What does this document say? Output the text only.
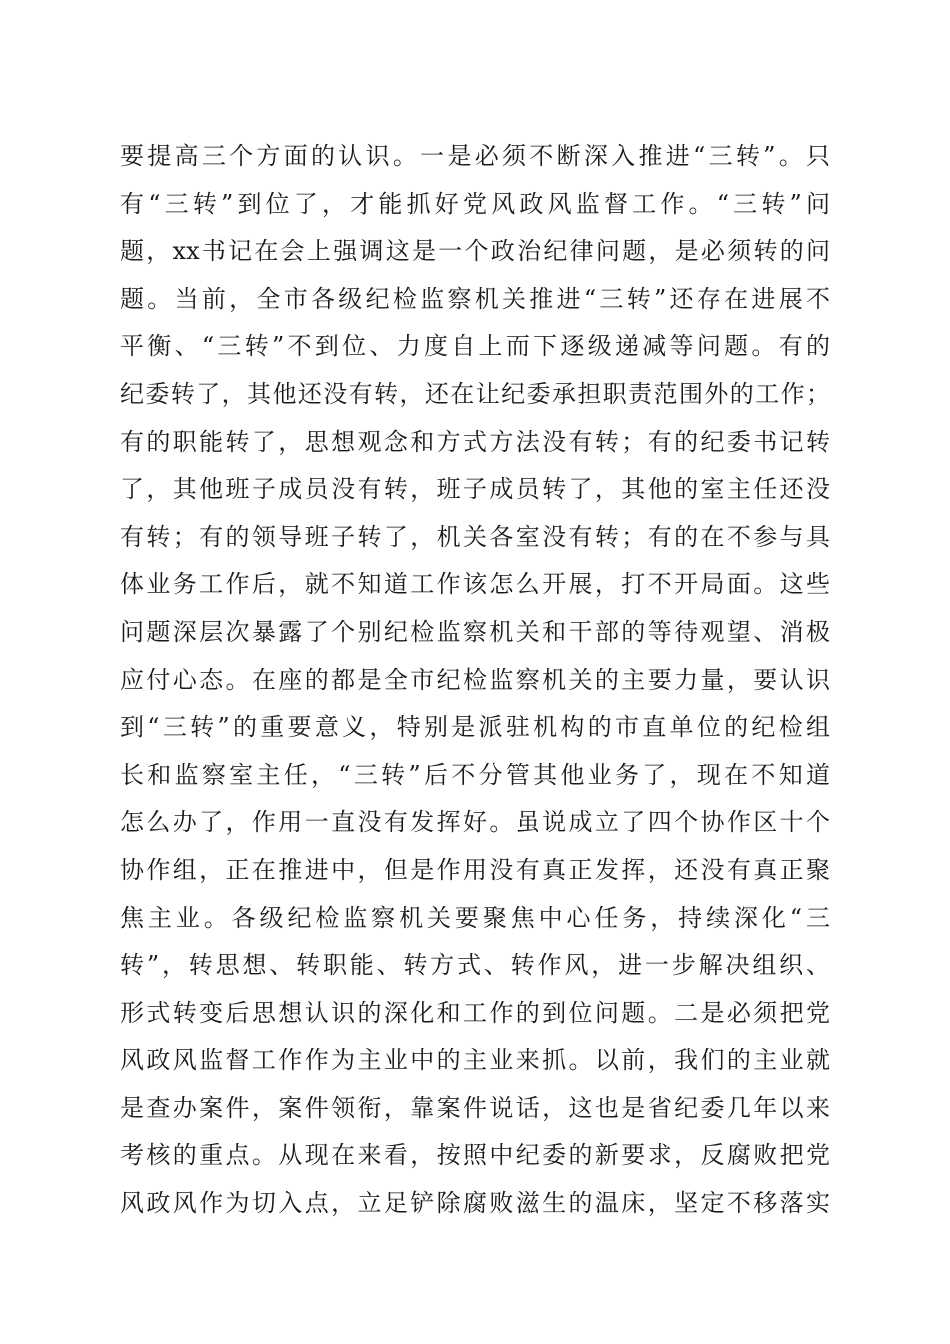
要提高三个方面的认识。一是必须不断深入推进“三转”。只
有“三转”到位了，才能抓好党风政风监督工作。“三转”问
题，xx书记在会上强调这是一个政治纪律问题，是必须转的问
题。当前，全市各级纪检监察机关推进“三转”还存在进展不
平衡、“三转”不到位、力度自上而下逐级递减等问题。有的
纪委转了，其他还没有转，还在让纪委承担职责范围外的工作；
有的职能转了，思想观念和方式方法没有转；有的纪委书记转
了，其他班子成员没有转，班子成员转了，其他的室主任还没
有转；有的领导班子转了，机关各室没有转；有的在不参与具
体业务工作后，就不知道工作该怎么开展，打不开局面。这些
问题深层次暴露了个别纪检监察机关和干部的等待观望、消极
应付心态。在座的都是全市纪检监察机关的主要力量，要认识
到“三转”的重要意义，特别是派驻机构的市直单位的纪检组
长和监察室主任，“三转”后不分管其他业务了，现在不知道
怎么办了，作用一直没有发挥好。虽说成立了四个协作区十个
协作组，正在推进中，但是作用没有真正发挥，还没有真正聚
焦主业。各级纪检监察机关要聚焦中心任务，持续深化“三
转”，转思想、转职能、转方式、转作风，进一步解决组织、
形式转变后思想认识的深化和工作的到位问题。二是必须把党
风政风监督工作作为主业中的主业来抓。以前，我们的主业就
是查办案件，案件领衔，靠案件说话，这也是省纪委几年以来
考核的重点。从现在来看，按照中纪委的新要求，反腐败把党
风政风作为切入点，立足铲除腐败滋生的温床，坚定不移落实
